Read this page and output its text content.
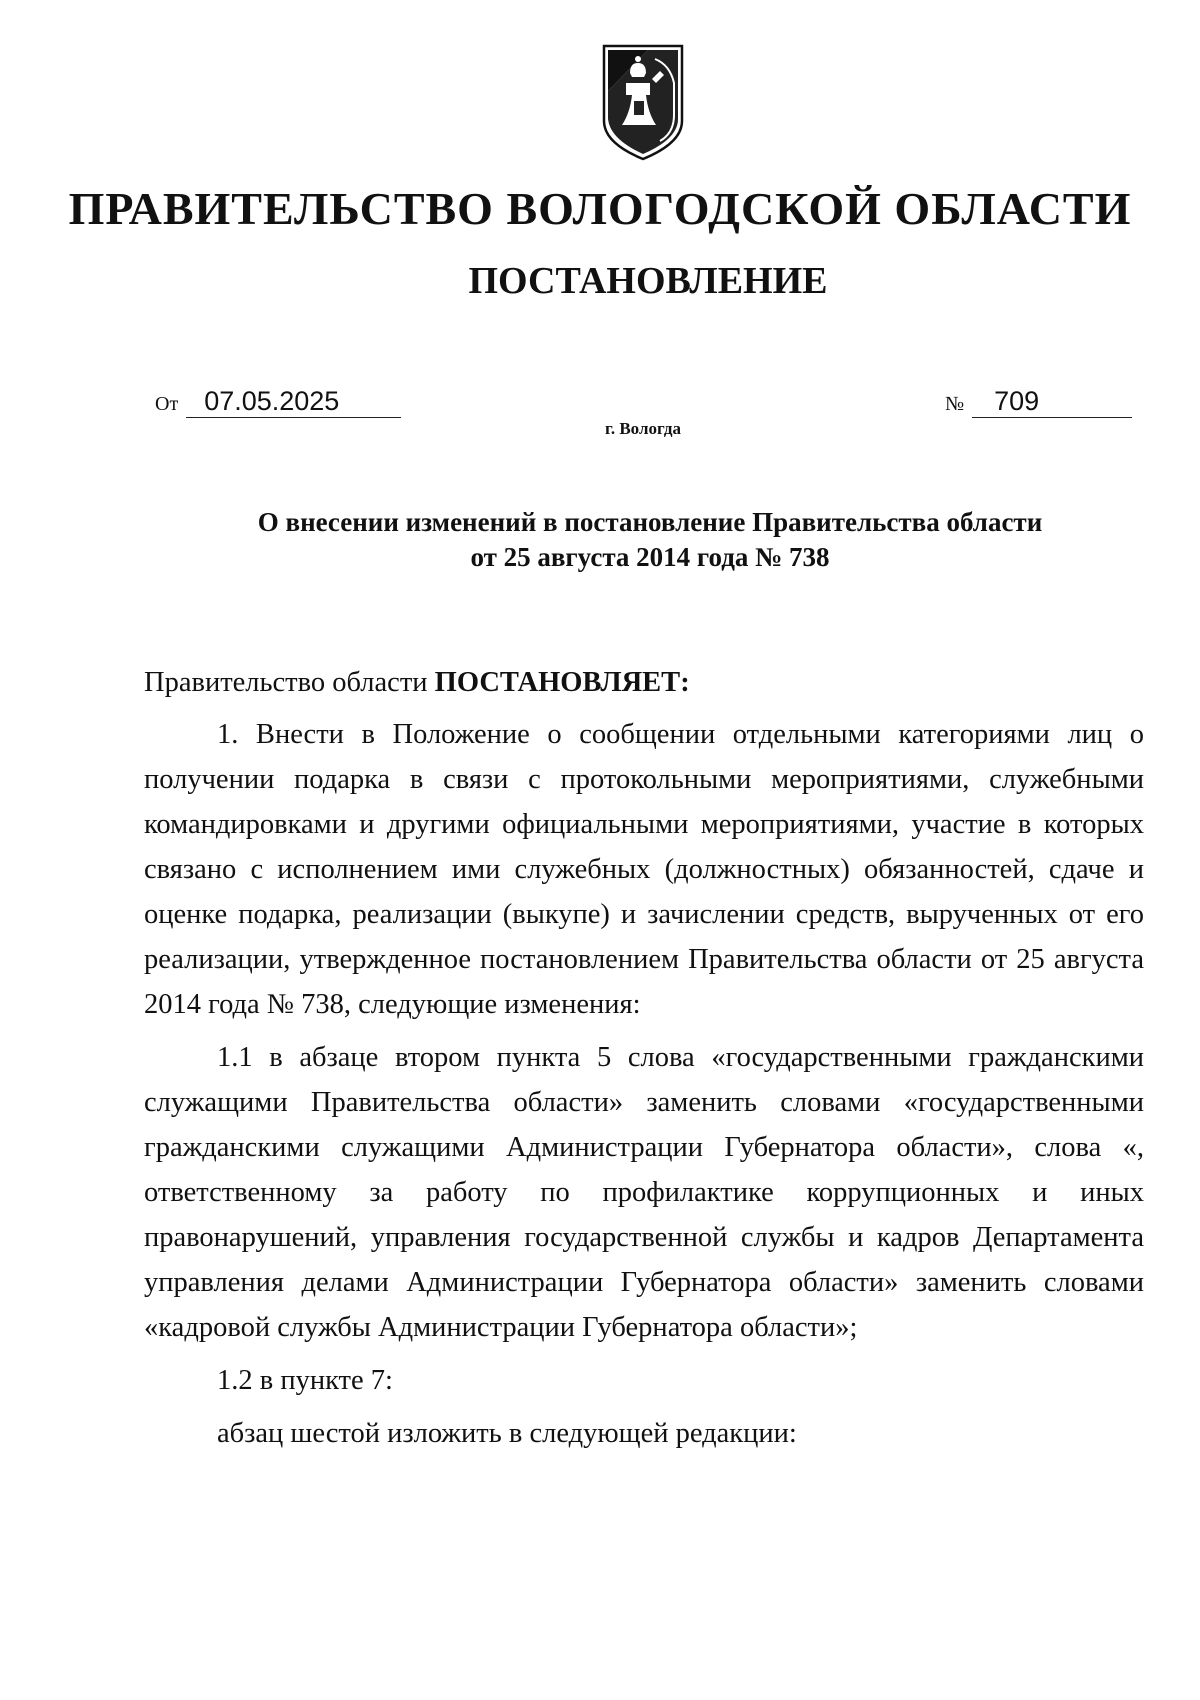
ПРАВИТЕЛЬСТВО ВОЛОГОДСКОЙ ОБЛАСТИ
ПОСТАНОВЛЕНИЕ
От 07.05.2025	№ 709
г. Вологда
О внесении изменений в постановление Правительства области
от 25 августа 2014 года № 738

Правительство области ПОСТАНОВЛЯЕТ:

1. Внести в Положение о сообщении отдельными категориями лиц о получении подарка в связи с протокольными мероприятиями, служебными командировками и другими официальными мероприятиями, участие в которых связано с исполнением ими служебных (должностных) обязанностей, сдаче и оценке подарка, реализации (выкупе) и зачислении средств, вырученных от его реализации, утвержденное постановлением Правительства области от 25 августа 2014 года № 738, следующие изменения:

1.1 в абзаце втором пункта 5 слова «государственными гражданскими служащими Правительства области» заменить словами «государственными гражданскими служащими Администрации Губернатора области», слова «, ответственному за работу по профилактике коррупционных и иных правонарушений, управления государственной службы и кадров Департамента управления делами Администрации Губернатора области» заменить словами «кадровой службы Администрации Губернатора области»;

1.2 в пункте 7:

абзац шестой изложить в следующей редакции:
